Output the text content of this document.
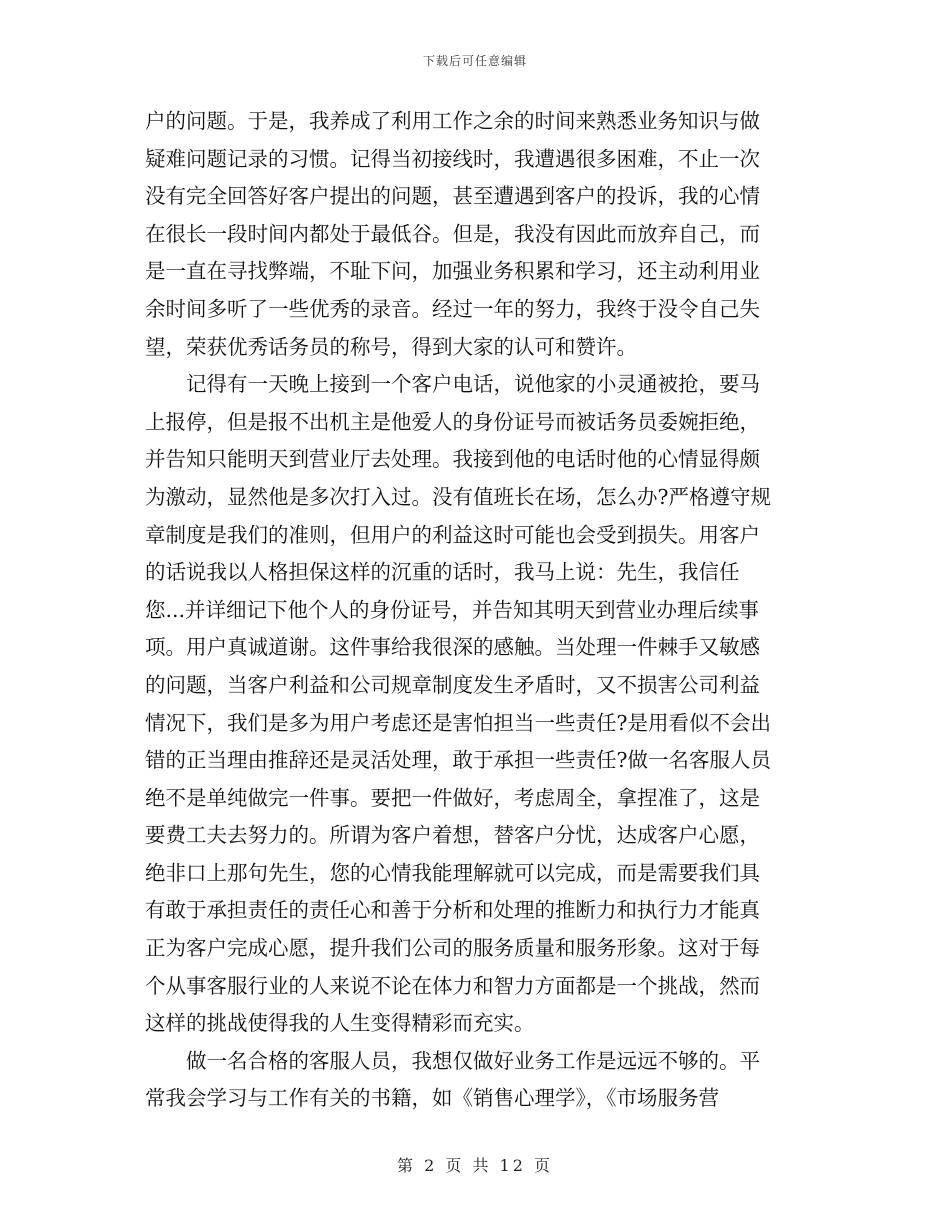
下载后可任意编辑

户的问题。于是，我养成了利用工作之余的时间来熟悉业务知识与做

疑难问题记录的习惯。记得当初接线时，我遭遇很多困难，不止一次

没有完全回答好客户提出的问题，甚至遭遇到客户的投诉，我的心情

在很长一段时间内都处于最低谷。但是，我没有因此而放弃自己，而

是一直在寻找弊端，不耻下问，加强业务积累和学习，还主动利用业

余时间多听了一些优秀的录音。经过一年的努力，我终于没令自己失

望，荣获优秀话务员的称号，得到大家的认可和赞许。

记得有一天晚上接到一个客户电话，说他家的小灵通被抢，要马

上报停，但是报不出机主是他爱人的身份证号而被话务员委婉拒绝，

并告知只能明天到营业厅去处理。我接到他的电话时他的心情显得颇

为激动，显然他是多次打入过。没有值班长在场，怎么办?严格遵守规

章制度是我们的准则，但用户的利益这时可能也会受到损失。用客户

的话说我以人格担保这样的沉重的话时，我马上说：先生，我信任

您...并详细记下他个人的身份证号，并告知其明天到营业办理后续事

项。用户真诚道谢。这件事给我很深的感触。当处理一件棘手又敏感

的问题，当客户利益和公司规章制度发生矛盾时，又不损害公司利益

情况下，我们是多为用户考虑还是害怕担当一些责任?是用看似不会出

错的正当理由推辞还是灵活处理，敢于承担一些责任?做一名客服人员

绝不是单纯做完一件事。要把一件做好，考虑周全，拿捏准了，这是

要费工夫去努力的。所谓为客户着想，替客户分忧，达成客户心愿，

绝非口上那句先生，您的心情我能理解就可以完成，而是需要我们具

有敢于承担责任的责任心和善于分析和处理的推断力和执行力才能真

正为客户完成心愿，提升我们公司的服务质量和服务形象。这对于每

个从事客服行业的人来说不论在体力和智力方面都是一个挑战，然而

这样的挑战使得我的人生变得精彩而充实。

做一名合格的客服人员，我想仅做好业务工作是远远不够的。平

常我会学习与工作有关的书籍，如《销售心理学》，《市场服务营

第 2 页 共 12 页
